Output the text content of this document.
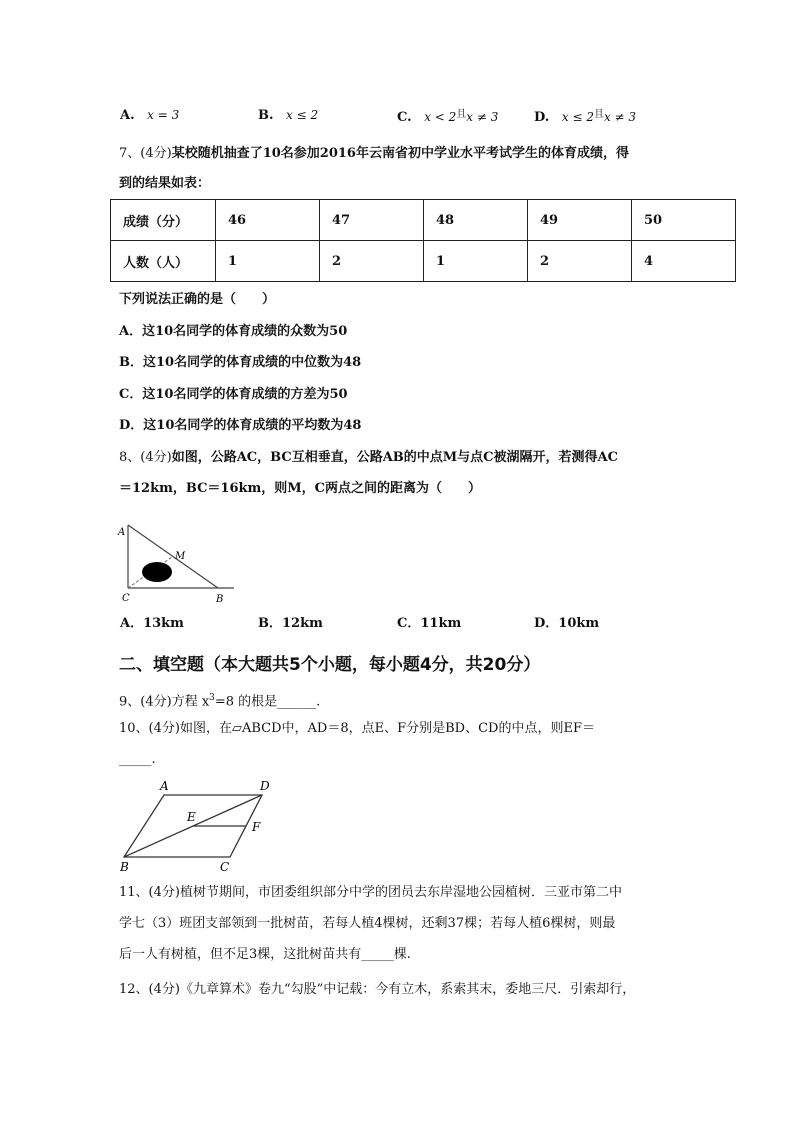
A. x = 3	B. x ≤ 2	C. $x < 2^且x \ne 3$	D. $x \le 2^且x \ne 3$
7、(4分)某校随机抽查了10名参加2016年云南省初中学业水平考试学生的体育成绩，得
到的结果如表：
成绩（分）	46	47	48	49	50
人数（人）	1	2	1	2	4
下列说法正确的是（　　）
A．这10名同学的体育成绩的众数为50
B．这10名同学的体育成绩的中位数为48
C．这10名同学的体育成绩的方差为50
D．这10名同学的体育成绩的平均数为48
8、(4分)如图，公路AC，BC互相垂直，公路AB的中点M与点C被湖隔开，若测得AC
＝12km，BC＝16km，则M，C两点之间的距离为（　　）
A
M
C	B
A．13km	B．12km	C．11km	D．10km
二、填空题（本大题共5个小题，每小题4分，共20分）
9、(4分)方程 $x^3=8$ 的根是______.
10、(4分)如图，在▱ABCD中，AD＝8，点E、F分别是BD、CD的中点，则EF＝
_____.
A	D
E
F
B	C
11、(4分)植树节期间，市团委组织部分中学的团员去东岸湿地公园植树．三亚市第二中
学七（3）班团支部领到一批树苗，若每人植4棵树，还剩37棵；若每人植6棵树，则最
后一人有树植，但不足3棵，这批树苗共有_____棵.
12、(4分)《九章算术》卷九“勾股”中记载：今有立木，系索其末，委地三尺．引索却行，
